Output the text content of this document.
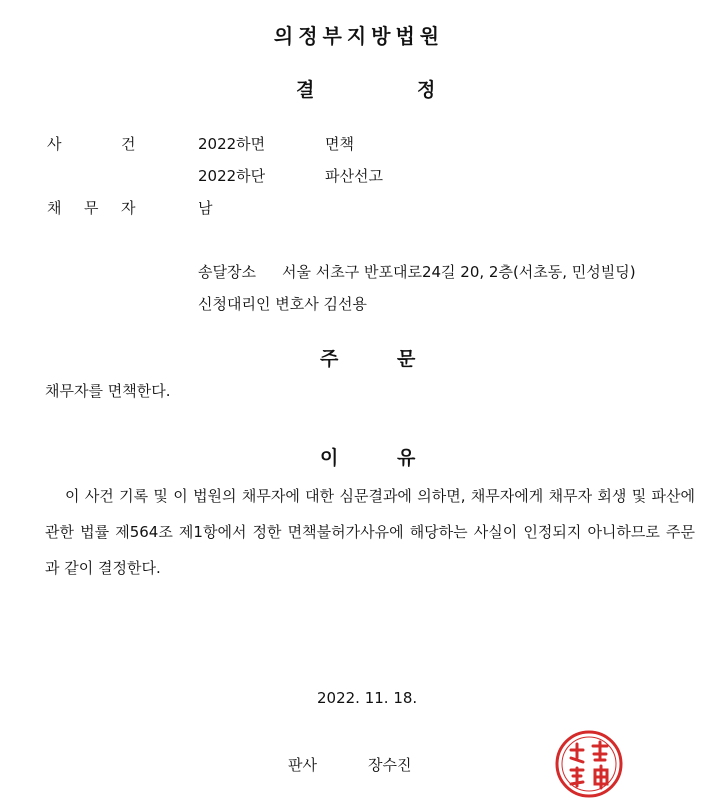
의정부지방법원
결	정
사	건	2022하면	면책
2022하단	파산선고
채 무 자	남
송달장소 서울 서초구 반포대로24길 20, 2층(서초동, 민성빌딩)
신청대리인 변호사 김선용
주	문
채무자를 면책한다.
이	유
이 사건 기록 및 이 법원의 채무자에 대한 심문결과에 의하면, 채무자에게 채무자 회생 및 파산에 관한 법률 제564조 제1항에서 정한 면책불허가사유에 해당하는 사실이 인정되지 아니하므로 주문과 같이 결정한다.
2022. 11. 18.
판사	장수진
